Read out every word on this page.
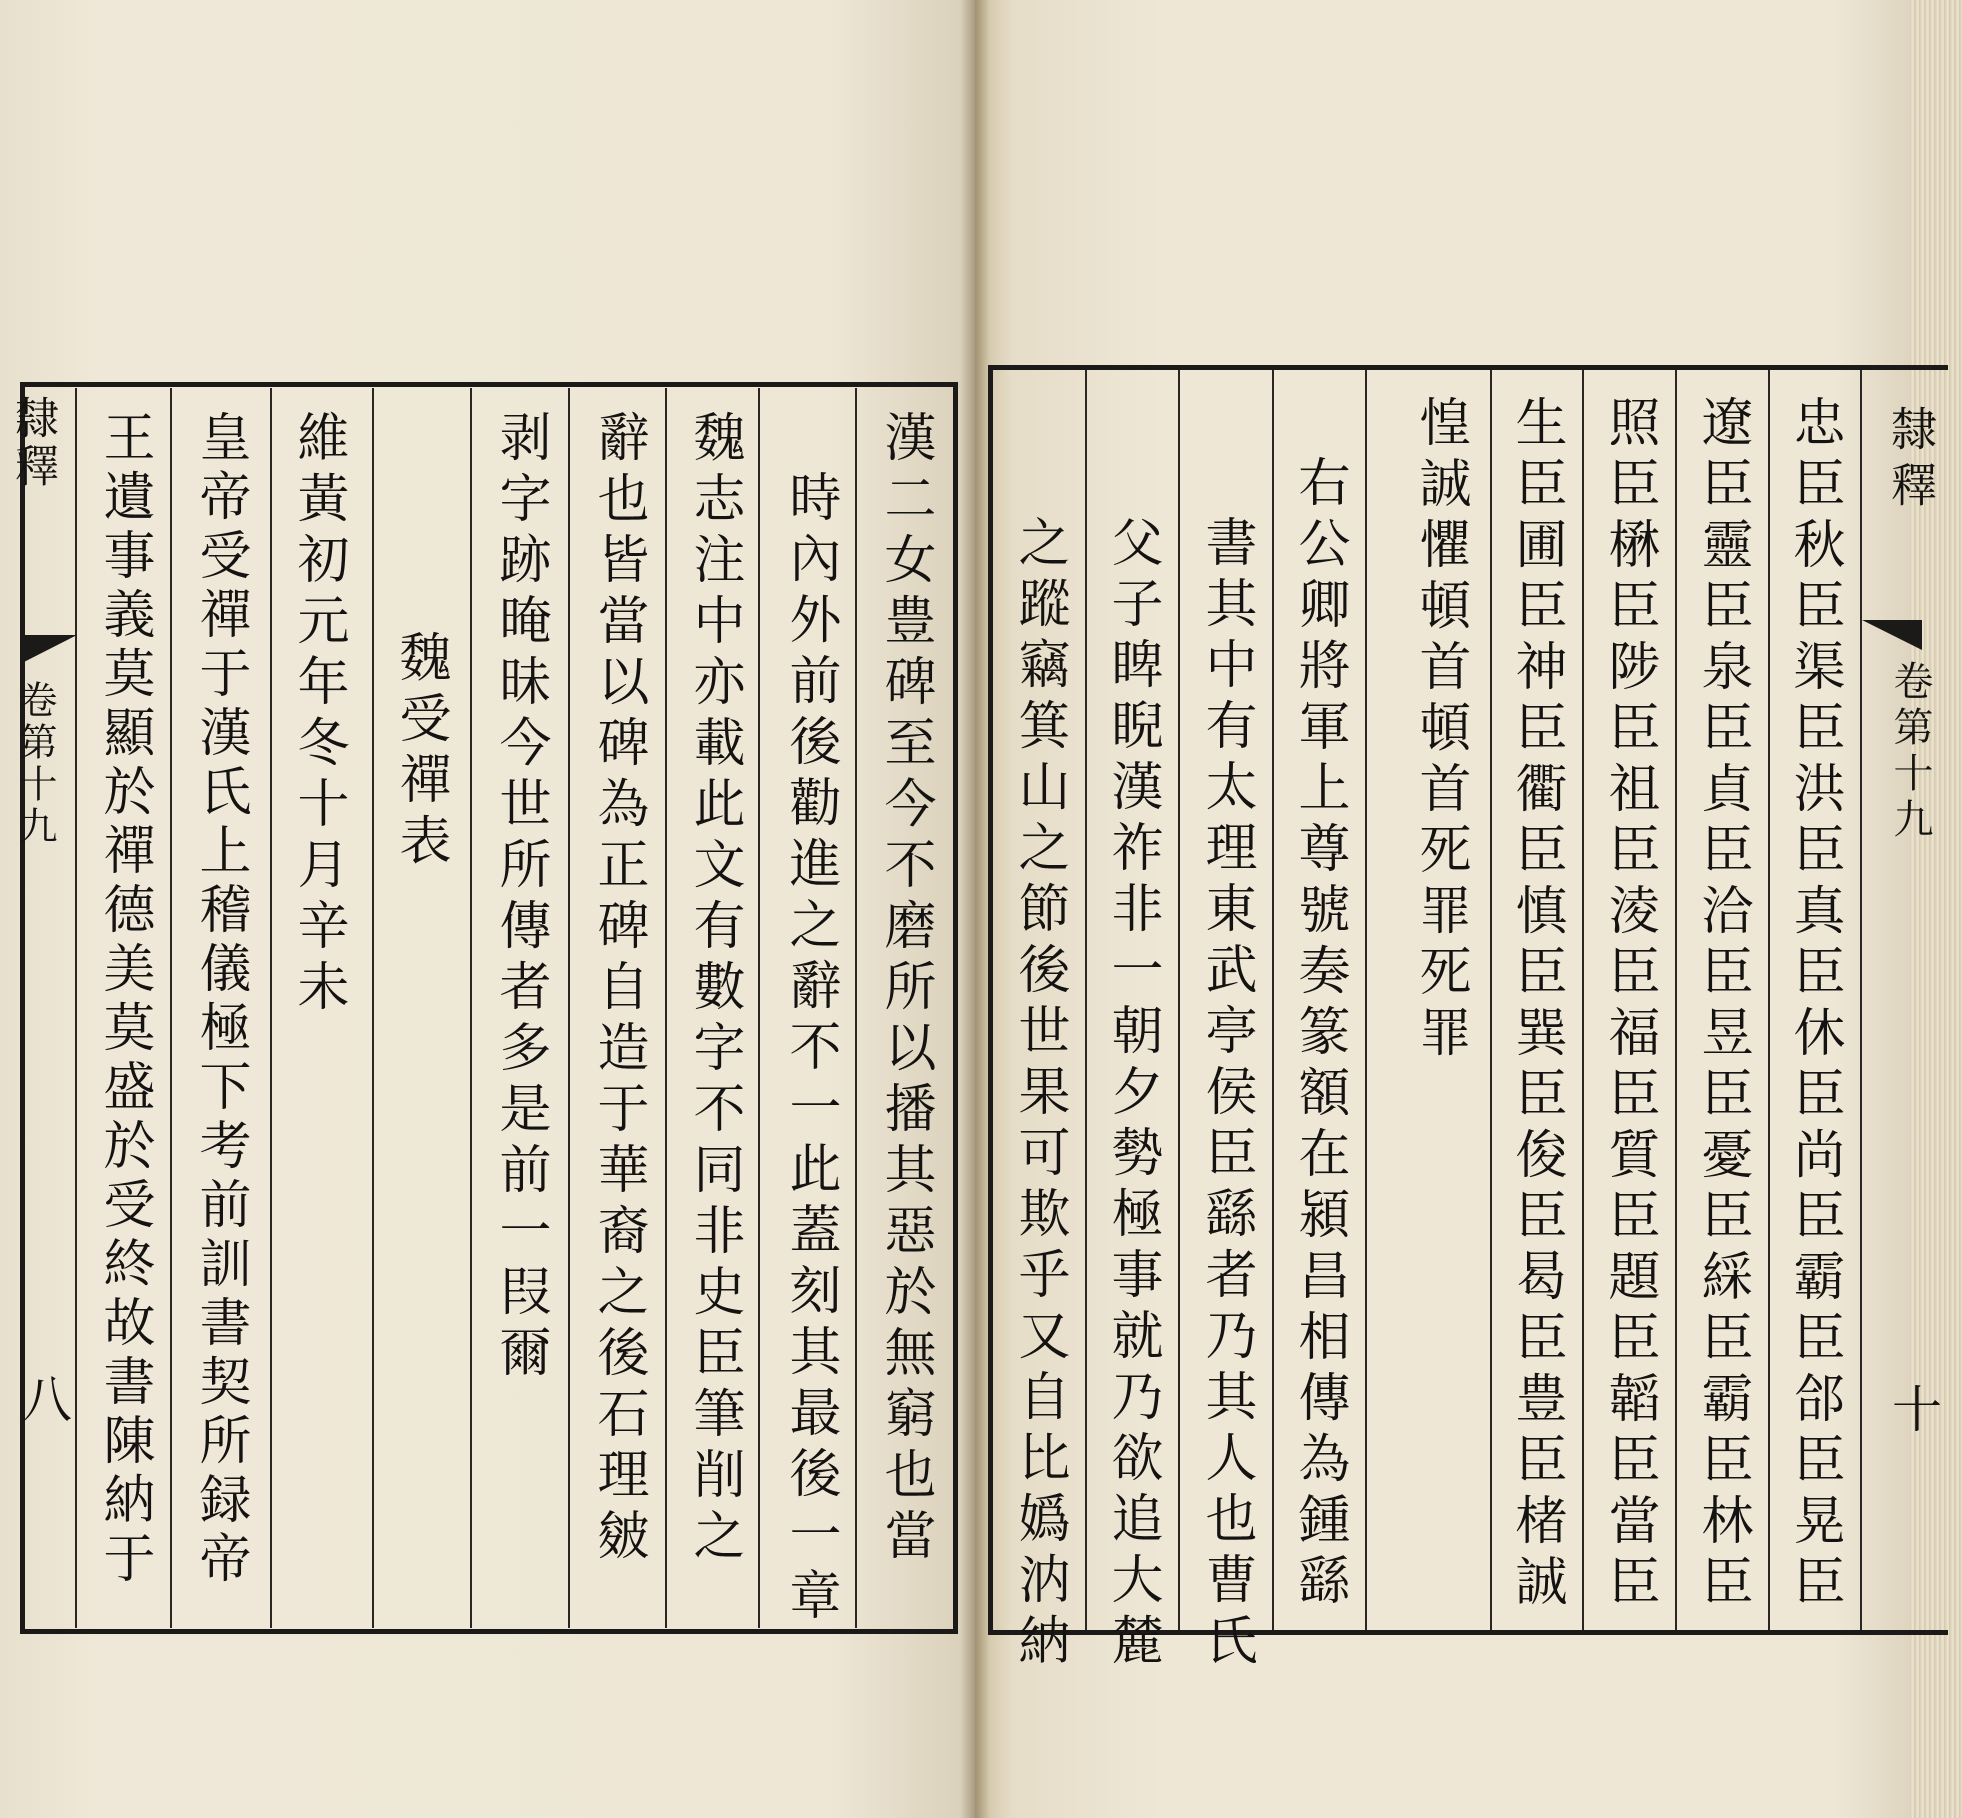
隸釋
卷第十九
十
忠臣秋臣渠臣洪臣真臣休臣尚臣霸臣郃臣晃臣
遼臣靈臣泉臣貞臣洽臣昱臣憂臣綵臣霸臣林臣
照臣楙臣陟臣祖臣淩臣福臣質臣題臣韜臣當臣
生臣圃臣神臣衢臣慎臣巽臣俊臣曷臣豊臣楮誠
惶誠懼頓首頓首死罪死罪
右公卿將軍上尊號奏篆額在潁昌相傳為鍾繇
書其中有太理東武亭侯臣繇者乃其人也曹氏
父子睥睨漢祚非一朝夕勢極事就乃欲追大麓
之蹤竊箕山之節後世果可欺乎又自比嬀汭納
隸釋
卷第十九
八	漢二女豊碑至今不磨所以播其惡於無窮也當
時內外前後勸進之辭不一此蓋刻其最後一章
魏志注中亦載此文有數字不同非史臣筆削之
辭也皆當以碑為正碑自造于華裔之後石理皴
剥字跡晻昧今世所傳者多是前一叚爾
魏受禪表
維黃初元年冬十月辛未
皇帝受禪于漢氏上稽儀極下考前訓書契所録帝
王遺事義莫顯於禪德美莫盛於受終故書陳納于
